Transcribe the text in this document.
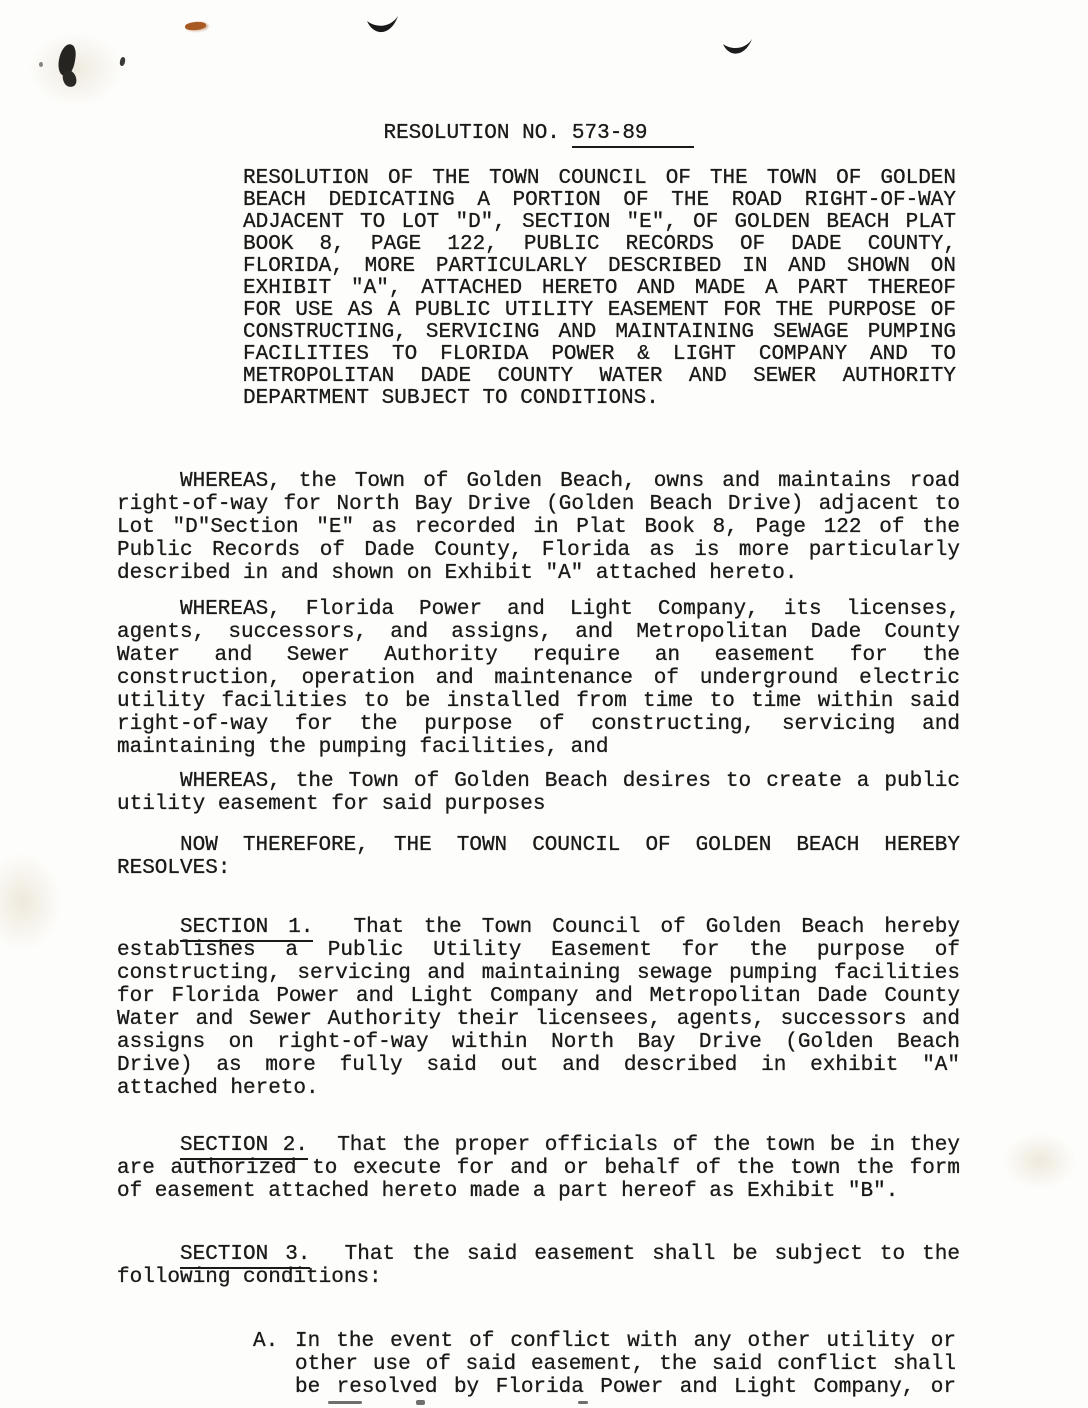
RESOLUTION NO. 573-89
RESOLUTION OF THE TOWN COUNCIL OF THE TOWN OF GOLDEN
BEACH DEDICATING A PORTION OF THE ROAD RIGHT-OF-WAY
ADJACENT TO LOT "D", SECTION "E", OF GOLDEN BEACH PLAT
BOOK 8, PAGE 122, PUBLIC RECORDS OF DADE COUNTY,
FLORIDA, MORE PARTICULARLY DESCRIBED IN AND SHOWN ON
EXHIBIT "A", ATTACHED HERETO AND MADE A PART THEREOF
FOR USE AS A PUBLIC UTILITY EASEMENT FOR THE PURPOSE OF
CONSTRUCTING, SERVICING AND MAINTAINING SEWAGE PUMPING
FACILITIES TO FLORIDA POWER & LIGHT COMPANY AND TO
METROPOLITAN DADE COUNTY WATER AND SEWER AUTHORITY
DEPARTMENT SUBJECT TO CONDITIONS.
WHEREAS, the Town of Golden Beach, owns and maintains road
right-of-way for North Bay Drive (Golden Beach Drive) adjacent to
Lot "D"Section "E" as recorded in Plat Book 8, Page 122 of the
Public Records of Dade County, Florida as is more particularly
described in and shown on Exhibit "A" attached hereto.
WHEREAS, Florida Power and Light Company, its licenses,
agents, successors, and assigns, and Metropolitan Dade County
Water and Sewer Authority require an easement for the
construction, operation and maintenance of underground electric
utility facilities to be installed from time to time within said
right-of-way for the purpose of constructing, servicing and
maintaining the pumping facilities, and
WHEREAS, the Town of Golden Beach desires to create a public
utility easement for said purposes
NOW THEREFORE, THE TOWN COUNCIL OF GOLDEN BEACH HEREBY
RESOLVES:
SECTION 1.  That the Town Council of Golden Beach hereby
establishes a Public Utility Easement for the purpose of
constructing, servicing and maintaining sewage pumping facilities
for Florida Power and Light Company and Metropolitan Dade County
Water and Sewer Authority their licensees, agents, successors and
assigns on right-of-way within North Bay Drive (Golden Beach
Drive) as more fully said out and described in exhibit "A"
attached hereto.
SECTION 2.  That the proper officials of the town be in they
are authorized to execute for and or behalf of the town the form
of easement attached hereto made a part hereof as Exhibit "B".
SECTION 3.  That the said easement shall be subject to the
following conditions:
A. In the event of conflict with any other utility or
other use of said easement, the said conflict shall
be resolved by Florida Power and Light Company, or
